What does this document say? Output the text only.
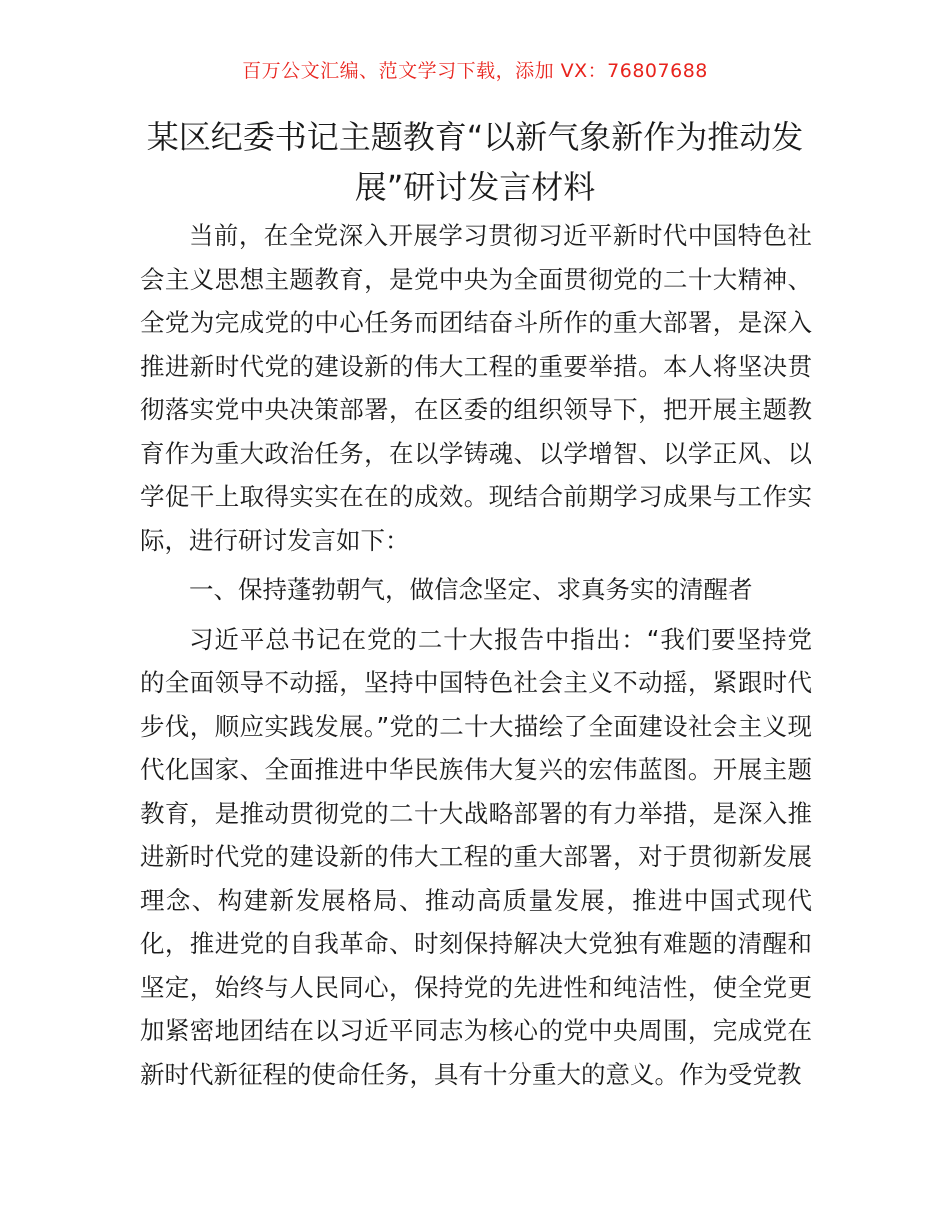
百万公文汇编、范文学习下载，添加 VX：76807688
某区纪委书记主题教育“以新气象新作为推动发展”研讨发言材料

当前，在全党深入开展学习贯彻习近平新时代中国特色社会主义思想主题教育，是党中央为全面贯彻党的二十大精神、全党为完成党的中心任务而团结奋斗所作的重大部署，是深入推进新时代党的建设新的伟大工程的重要举措。本人将坚决贯彻落实党中央决策部署，在区委的组织领导下，把开展主题教育作为重大政治任务，在以学铸魂、以学增智、以学正风、以学促干上取得实实在在的成效。现结合前期学习成果与工作实际，进行研讨发言如下：

一、保持蓬勃朝气，做信念坚定、求真务实的清醒者

习近平总书记在党的二十大报告中指出：“我们要坚持党的全面领导不动摇，坚持中国特色社会主义不动摇，紧跟时代步伐，顺应实践发展。”党的二十大描绘了全面建设社会主义现代化国家、全面推进中华民族伟大复兴的宏伟蓝图。开展主题教育，是推动贯彻党的二十大战略部署的有力举措，是深入推进新时代党的建设新的伟大工程的重大部署，对于贯彻新发展理念、构建新发展格局、推动高质量发展，推进中国式现代化，推进党的自我革命、时刻保持解决大党独有难题的清醒和坚定，始终与人民同心，保持党的先进性和纯洁性，使全党更加紧密地团结在以习近平同志为核心的党中央周围，完成党在新时代新征程的使命任务，具有十分重大的意义。作为受党教
